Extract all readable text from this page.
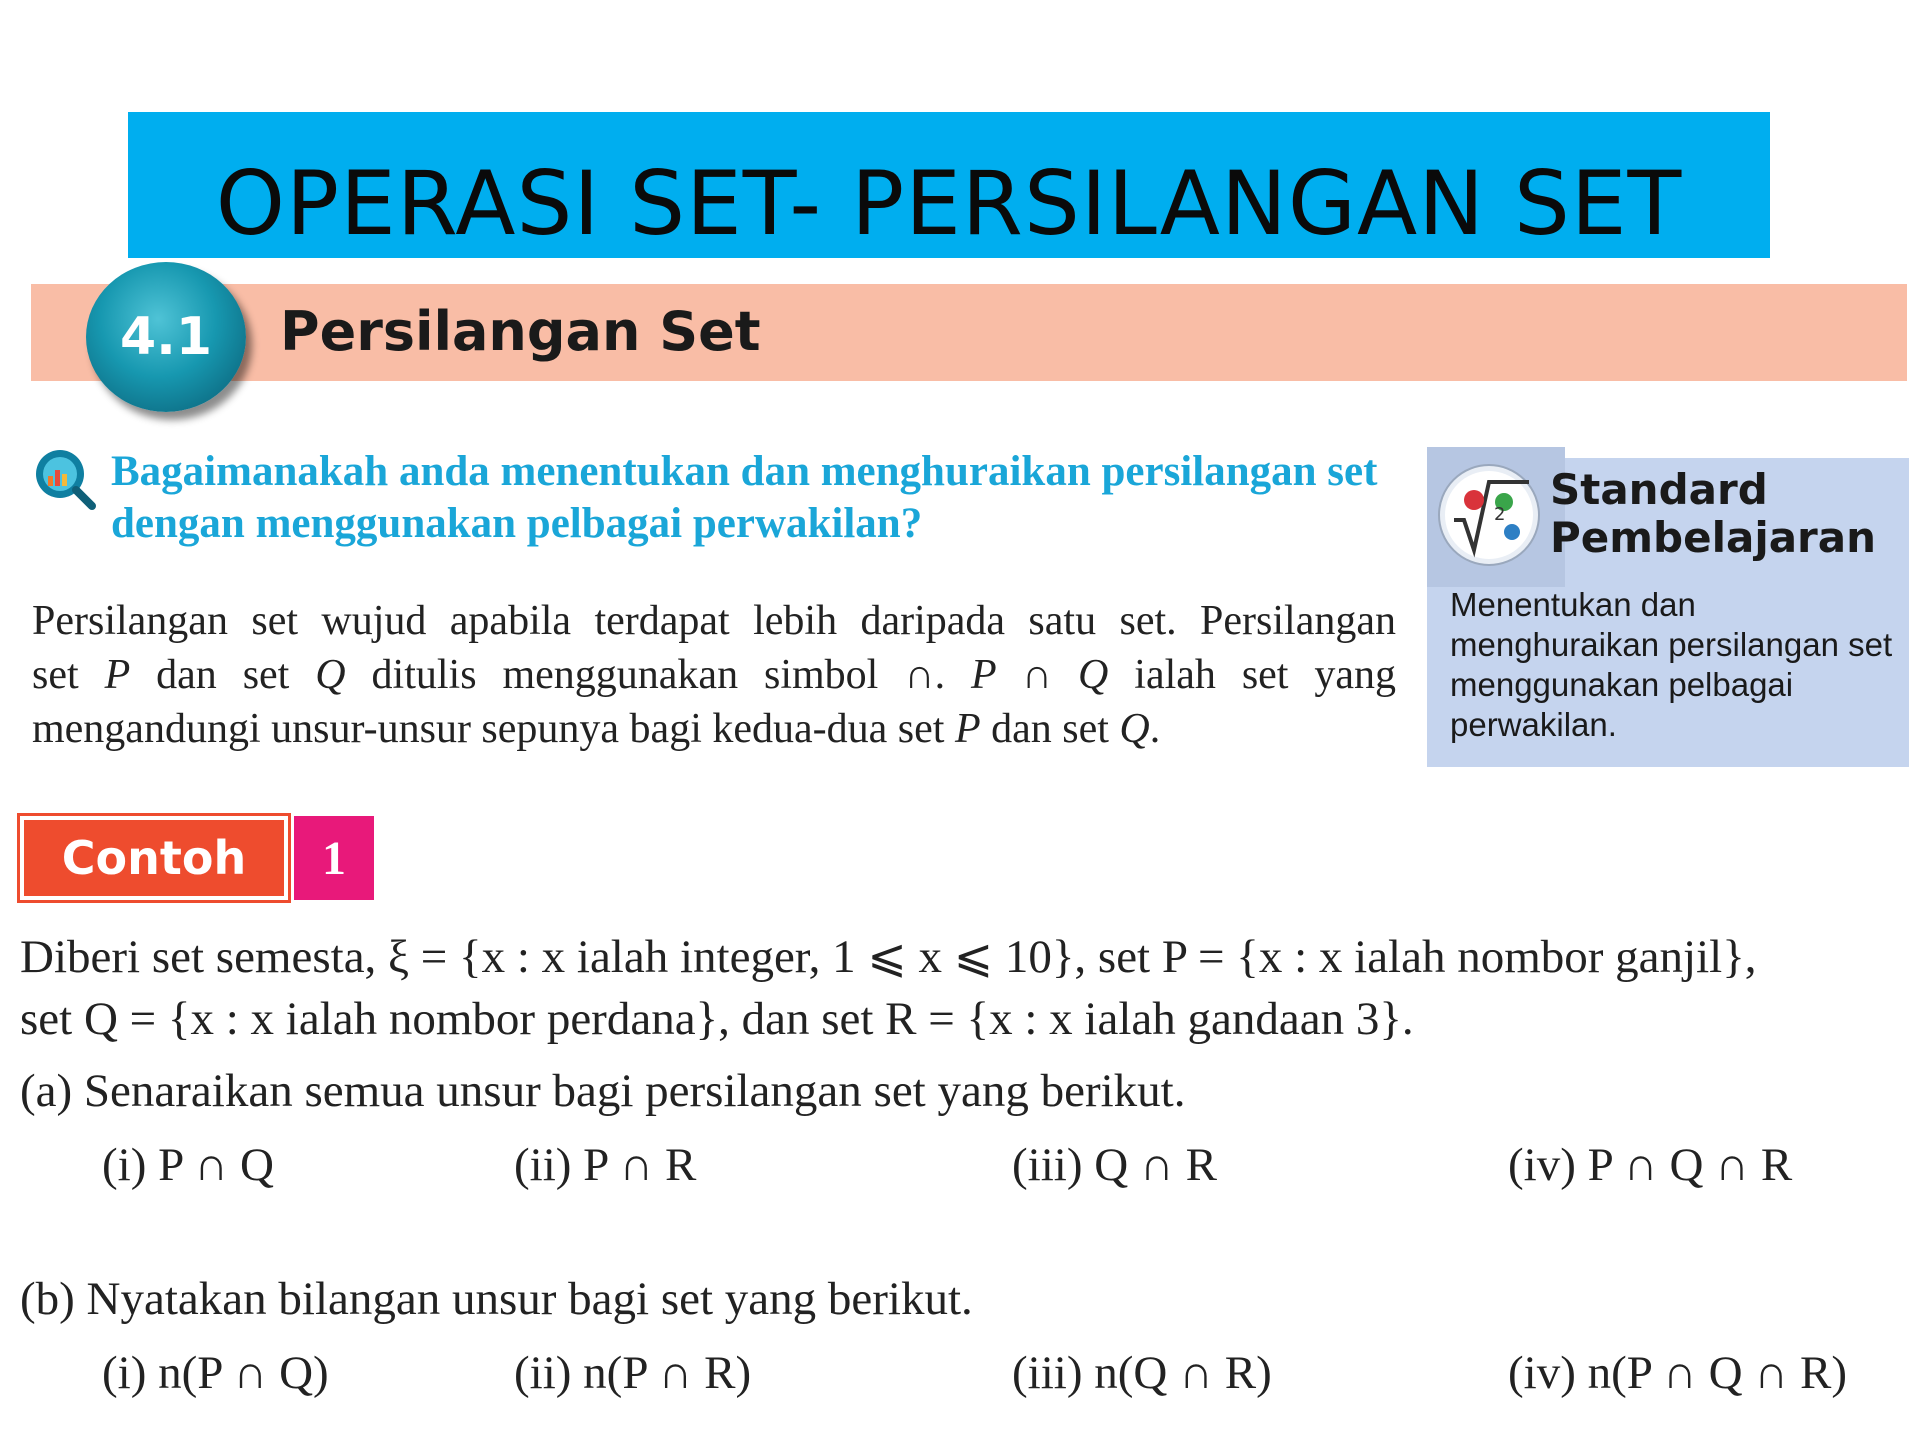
OPERASI SET- PERSILANGAN SET
4.1 Persilangan Set
Bagaimanakah anda menentukan dan menghuraikan persilangan set dengan menggunakan pelbagai perwakilan?	2
Standard
Pembelajaran
Menentukan dan menghuraikan persilangan set menggunakan pelbagai perwakilan.
Persilangan set wujud apabila terdapat lebih daripada satu set. Persilangan
set P dan set Q ditulis menggunakan simbol ∩. P ∩ Q ialah set yang
mengandungi unsur-unsur sepunya bagi kedua-dua set P dan set Q.
Contoh 1
Diberi set semesta, ξ = {x : x ialah integer, 1 ⩽ x ⩽ 10}, set P = {x : x ialah nombor ganjil},
set Q = {x : x ialah nombor perdana}, dan set R = {x : x ialah gandaan 3}.
(a) Senaraikan semua unsur bagi persilangan set yang berikut.
(i) P ∩ Q	(ii) P ∩ R	(iii) Q ∩ R	(iv) P ∩ Q ∩ R
(b) Nyatakan bilangan unsur bagi set yang berikut.
(i) n(P ∩ Q)	(ii) n(P ∩ R)	(iii) n(Q ∩ R)	(iv) n(P ∩ Q ∩ R)
